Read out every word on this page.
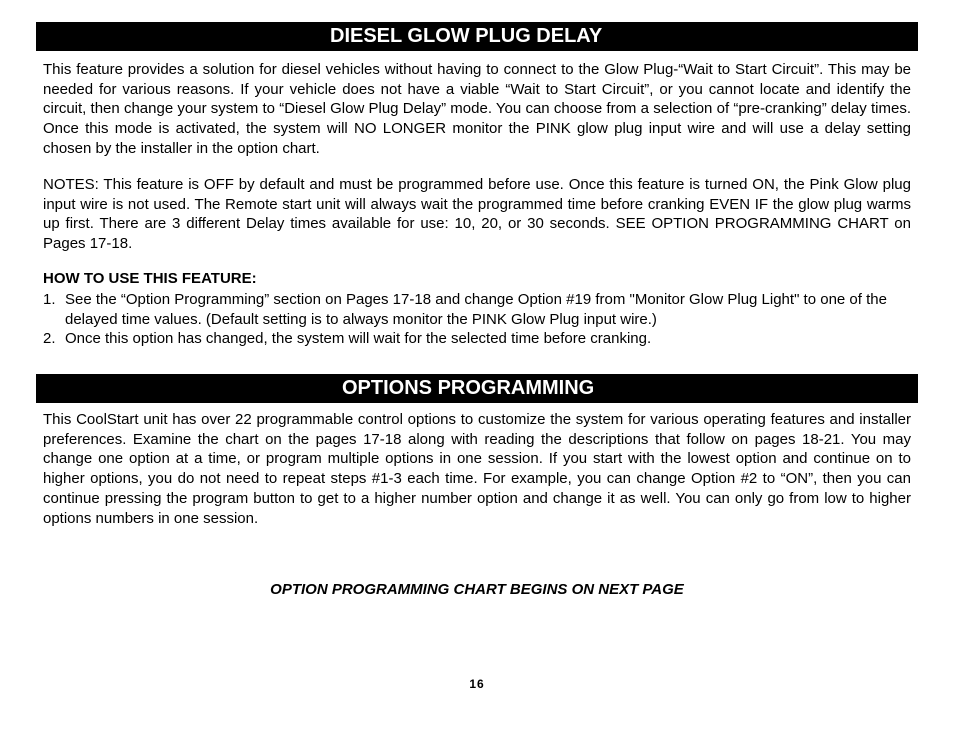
DIESEL GLOW PLUG DELAY

This feature provides a solution for diesel vehicles without having to connect to the Glow Plug-“Wait to Start Circuit”. This may be needed for various reasons. If your vehicle does not have a viable “Wait to Start Circuit”, or you cannot locate and identify the circuit, then change your system to “Diesel Glow Plug Delay” mode. You can choose from a selection of “pre-cranking” delay times. Once this mode is activated, the system will NO LONGER monitor the PINK glow plug input wire and will use a delay setting chosen by the installer in the option chart.

NOTES: This feature is OFF by default and must be programmed before use. Once this feature is turned ON, the Pink Glow plug input wire is not used. The Remote start unit will always wait the programmed time before cranking EVEN IF the glow plug warms up first. There are 3 different Delay times available for use: 10, 20, or 30 seconds. SEE OPTION PROGRAMMING CHART on Pages 17-18.

HOW TO USE THIS FEATURE:

1. See the “Option Programming” section on Pages 17-18 and change Option #19 from "Monitor Glow Plug Light" to one of the delayed time values. (Default setting is to always monitor the PINK Glow Plug input wire.)
2. Once this option has changed, the system will wait for the selected time before cranking.
OPTIONS PROGRAMMING

This CoolStart unit has over 22 programmable control options to customize the system for various operating features and installer preferences. Examine the chart on the pages 17-18 along with reading the descriptions that follow on pages 18-21. You may change one option at a time, or program multiple options in one session. If you start with the lowest option and continue on to higher options, you do not need to repeat steps #1-3 each time. For example, you can change Option #2 to “ON”, then you can continue pressing the program button to get to a higher number option and change it as well. You can only go from low to higher options numbers in one session.

OPTION PROGRAMMING CHART BEGINS ON NEXT PAGE

16
